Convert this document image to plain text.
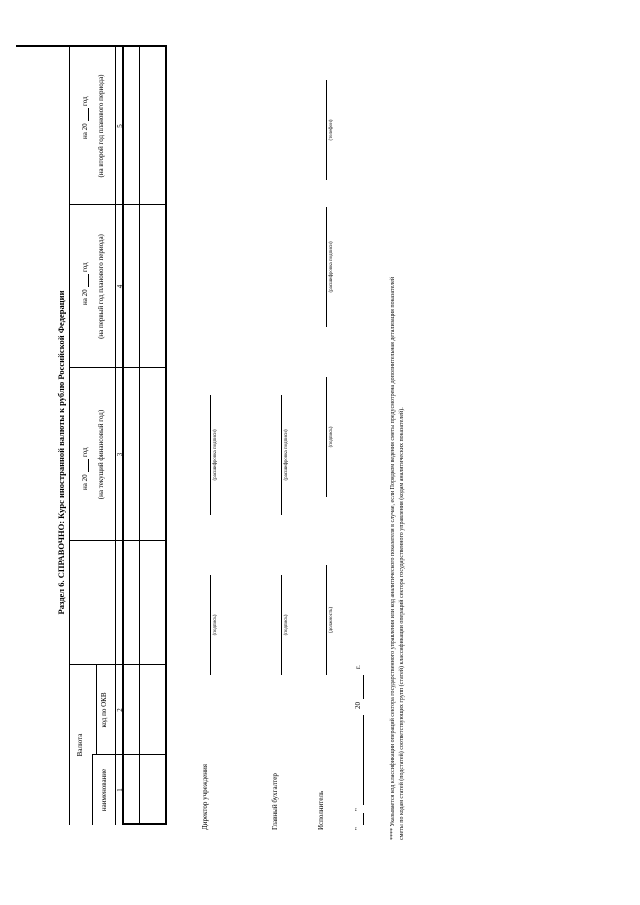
Раздел 6. СПРАВОЧНО: Курс иностранной валюты к рублю Российской Федерации
Валюта
наименование
код по ОКВ
на 20
год (на текущий финансовый год)
на 20
год (на первый год планового периода)
на 20
год (на второй год планового периода)
1
2
3
4
5
Директор учреждения
(подпись)
(расшифровка подписи)
Главный бухгалтер
(подпись)
(расшифровка подписи)
Исполнитель
(должность)
(подпись)
(расшифровка подписи)
(телефон)
"
"
20
г.	**** Указывается код классификации операций сектора государственного управления или код аналитического показателя в случае, если Порядком ведения сметы предусмотрена дополнительная детализация показателей сметы по кодам статей (подстатей) соответствующих групп (статей) классификации операций сектора государственного управления (кодам аналитических показателей).
